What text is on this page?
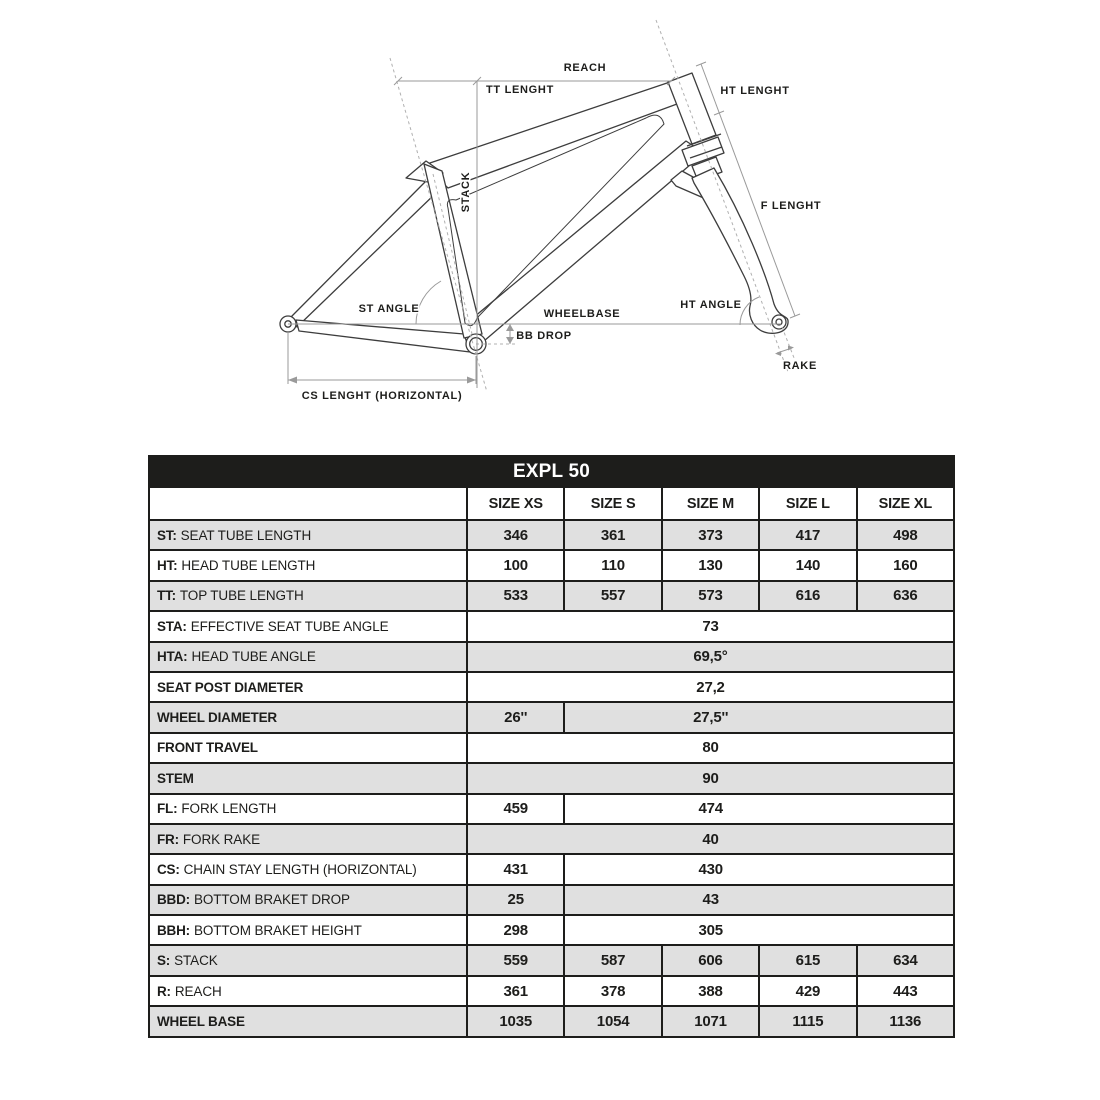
REACH
TT LENGHT	HT LENGHT
STACK	F LENGHT
ST ANGLE	WHEELBASE
BB DROP
HT ANGLE
RAKE
CS LENGHT (HORIZONTAL)
EXPL 50
SIZE XS	SIZE S	SIZE M	SIZE L	SIZE XL
ST: SEAT TUBE LENGTH	346	361	373	417	498
HT: HEAD TUBE LENGTH	100	110	130	140	160
TT: TOP TUBE LENGTH	533	557	573	616	636
STA: EFFECTIVE SEAT TUBE ANGLE	73
HTA: HEAD TUBE ANGLE	69,5°
SEAT POST DIAMETER	27,2
WHEEL DIAMETER	26''	27,5''
FRONT TRAVEL	80
STEM	90
FL: FORK LENGTH	459	474
FR: FORK RAKE	40
CS: CHAIN STAY LENGTH (HORIZONTAL)	431	430
BBD: BOTTOM BRAKET DROP	25	43
BBH: BOTTOM BRAKET HEIGHT	298	305
S: STACK	559	587	606	615	634
R: REACH	361	378	388	429	443
WHEEL BASE	1035	1054	1071	1115	1136
